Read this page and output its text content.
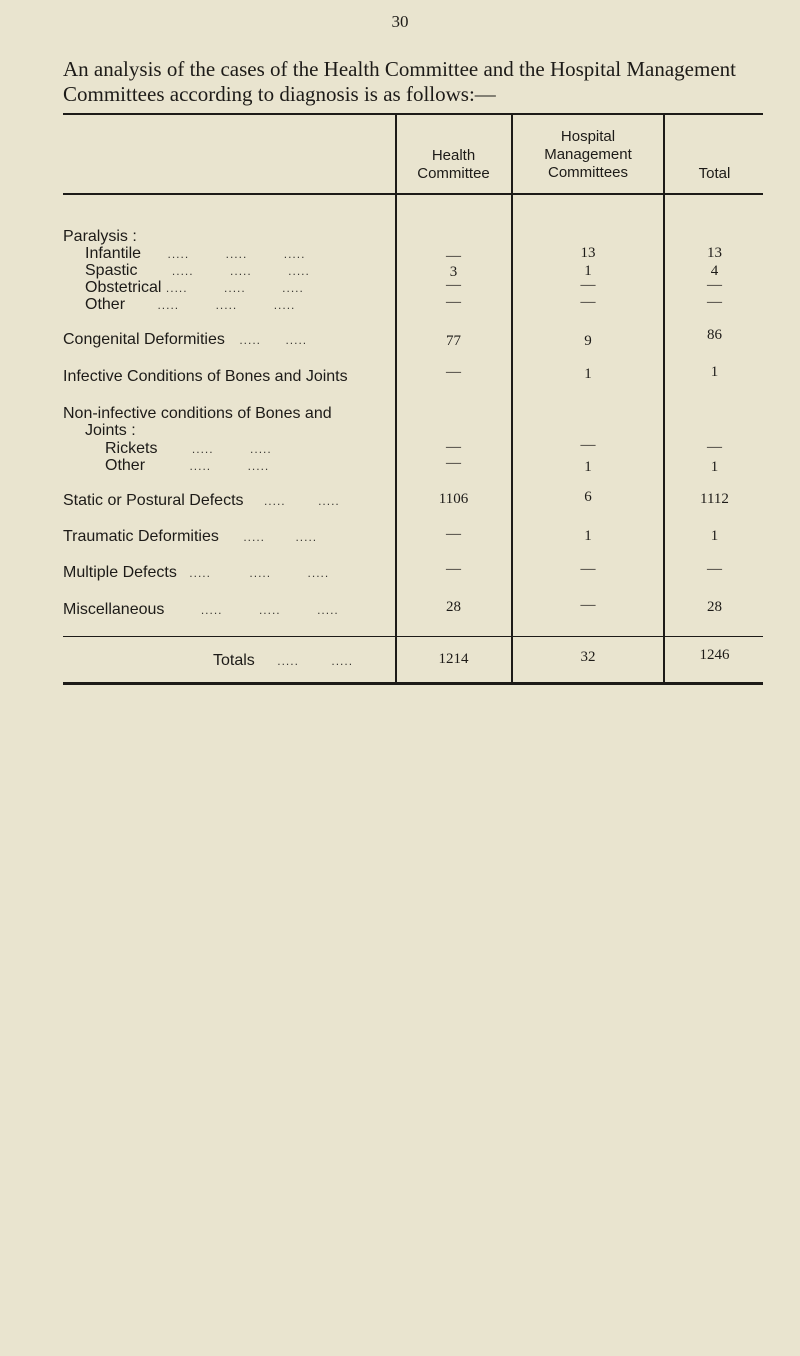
30
An analysis of the cases of the Health Committee and the Hospital Management Committees according to diagnosis is as follows:—
Health
Committee
Hospital
Management
Committees	Total
Paralysis :
Infantile .....	.....	.....	—	13	13
Spastic	.....	.....	.....	3	1	4
Obstetrical .....	.....	.....	—	—	—
Other	.....	.....	.....	—	—	—
Congenital Deformities ..... .....	77	9	86
Infective Conditions of Bones and Joints	—	1	1
Non-infective conditions of Bones and
Joints :
Rickets	.....	.....	—	—	—
Other	.....	.....	—	1	1
Static or Postural Defects .....	.....	1106	6	1112
Traumatic Deformities .....	.....	—	1	1
Multiple Defects .....	.....	.....	—	—	—
Miscellaneous	.....	.....	.....	28	—	28
Totals .....	.....	1214	32	1246
